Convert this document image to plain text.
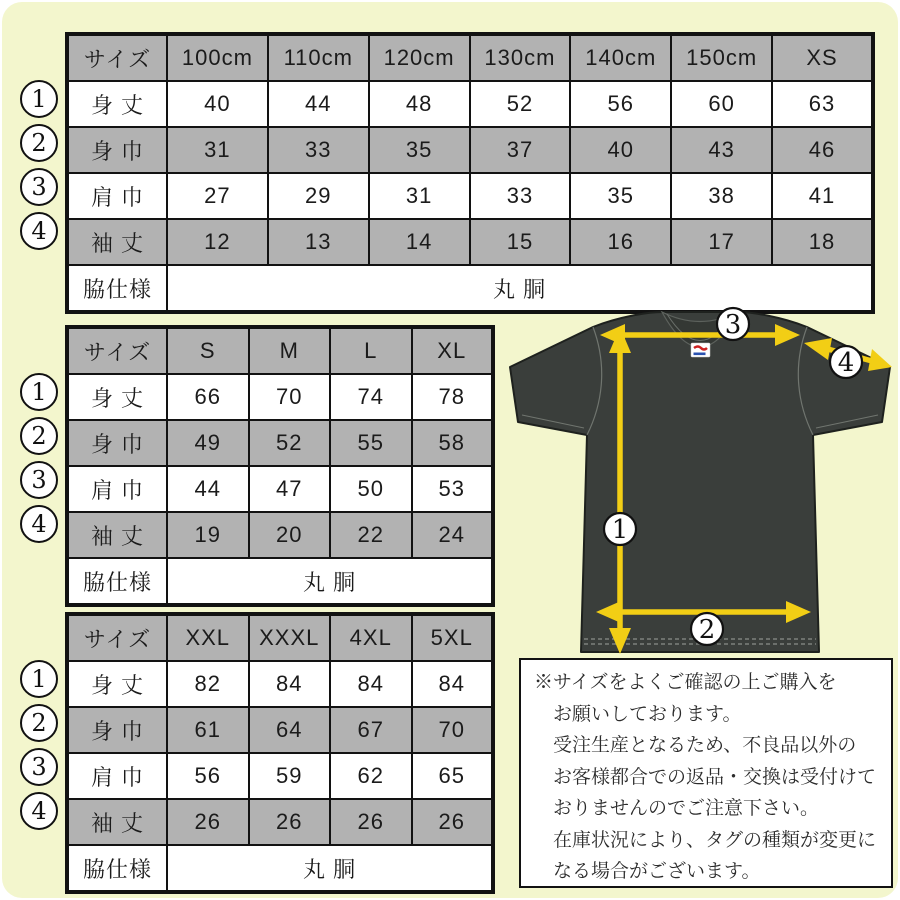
サイズ	100cm	110cm	120cm	130cm	140cm	150cm	XS
身 丈	40	44	48	52	56	60	63
身 巾	31	33	35	37	40	43	46
肩 巾	27	29	31	33	35	38	41
袖 丈	12	13	14	15	16	17	18
脇仕様	丸 胴						
1
2
3
4
サイズ	S	M	L	XL
身 丈	66	70	74	78
身 巾	49	52	55	58
肩 巾	44	47	50	53
袖 丈	19	20	22	24
脇仕様	丸 胴			
1
2
3
4
サイズ	XXL	XXXL	4XL	5XL
身 丈	82	84	84	84
身 巾	61	64	67	70
肩 巾	56	59	62	65
袖 丈	26	26	26	26
脇仕様	丸 胴			
1
2
3
4
1
2
3
4

※サイズをよくご確認の上ご購入を

お願いしております。

受注生産となるため、不良品以外の

お客様都合での返品・交換は受付けて

おりませんのでご注意下さい。

在庫状況により、タグの種類が変更に

なる場合がございます。
